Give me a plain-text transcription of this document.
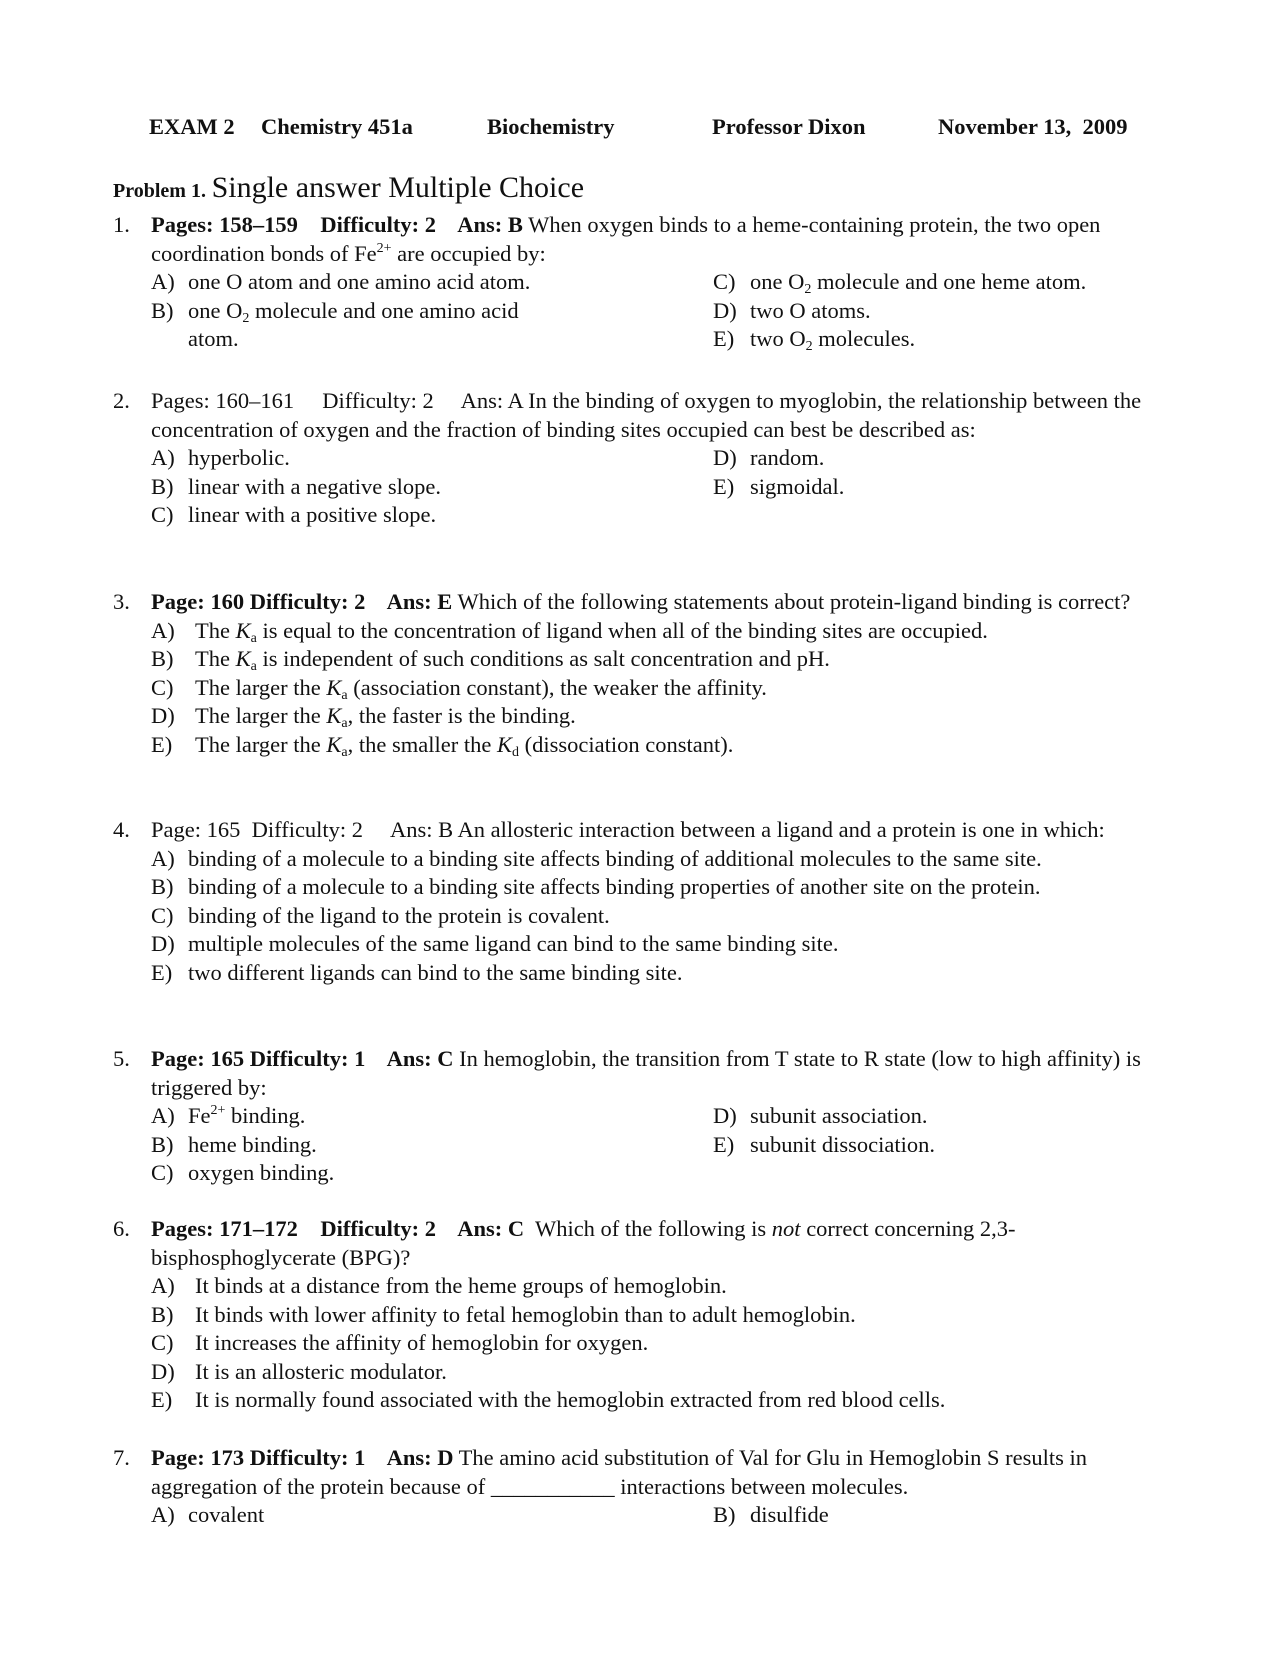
EXAM 2 Chemistry 451a	Biochemistry	Professor Dixon	November 13,  2009
Problem 1. Single answer Multiple Choice
1. Pages: 158–159    Difficulty: 2    Ans: B When oxygen binds to a heme-containing protein, the two open coordination bonds of $Fe^{2+}$ are occupied by:
A) one O atom and one amino acid atom.
B) one $O_2$ molecule and one amino acid atom.
C) one $O_2$ molecule and one heme atom.
D) two O atoms.
E) two $O_2$ molecules.
2. Pages: 160–161     Difficulty: 2     Ans: A In the binding of oxygen to myoglobin, the relationship between the concentration of oxygen and the fraction of binding sites occupied can best be described as:
A) hyperbolic.
B) linear with a negative slope.
C) linear with a positive slope.
D) random.
E) sigmoidal.
3. Page: 160 Difficulty: 2    Ans: E Which of the following statements about protein-ligand binding is correct?
A) The $K_a$ is equal to the concentration of ligand when all of the binding sites are occupied.
B) The $K_a$ is independent of such conditions as salt concentration and pH.
C) The larger the $K_a$ (association constant), the weaker the affinity.
D) The larger the $K_a$, the faster is the binding.
E) The larger the $K_a$, the smaller the $K_d$ (dissociation constant).
4. Page: 165  Difficulty: 2     Ans: B An allosteric interaction between a ligand and a protein is one in which:
A) binding of a molecule to a binding site affects binding of additional molecules to the same site.
B) binding of a molecule to a binding site affects binding properties of another site on the protein.
C) binding of the ligand to the protein is covalent.
D) multiple molecules of the same ligand can bind to the same binding site.
E) two different ligands can bind to the same binding site.
5. Page: 165 Difficulty: 1    Ans: C In hemoglobin, the transition from T state to R state (low to high affinity) is triggered by:
A) $Fe^{2+}$ binding.
B) heme binding.
C) oxygen binding.
D) subunit association.
E) subunit dissociation.
6. Pages: 171–172    Difficulty: 2    Ans: C  Which of the following is not correct concerning 2,3-bisphosphoglycerate (BPG)?
A) It binds at a distance from the heme groups of hemoglobin.
B) It binds with lower affinity to fetal hemoglobin than to adult hemoglobin.
C) It increases the affinity of hemoglobin for oxygen.
D) It is an allosteric modulator.
E) It is normally found associated with the hemoglobin extracted from red blood cells.
7. Page: 173 Difficulty: 1    Ans: D The amino acid substitution of Val for Glu in Hemoglobin S results in aggregation of the protein because of ___________ interactions between molecules.
A) covalent	B) disulfide
